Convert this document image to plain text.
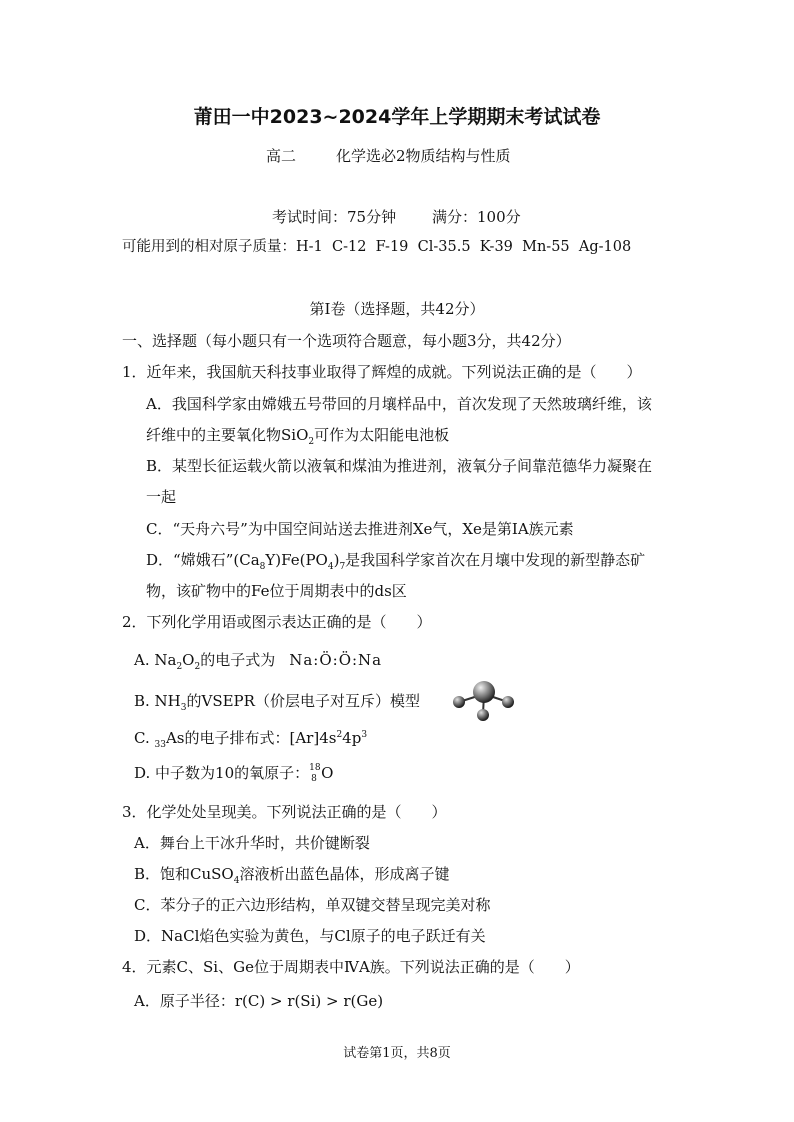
莆田一中2023~2024学年上学期期末考试试卷
高二	化学选必2物质结构与性质
考试时间：75分钟 满分：100分
可能用到的相对原子质量：H-1  C-12  F-19  Cl-35.5  K-39  Mn-55  Ag-108
第Ⅰ卷（选择题，共42分）
一、选择题（每小题只有一个选项符合题意，每小题3分，共42分）
1．近年来，我国航天科技事业取得了辉煌的成就。下列说法正确的是（　　）
A．我国科学家由嫦娥五号带回的月壤样品中，首次发现了天然玻璃纤维，该
纤维中的主要氧化物SiO$_2$可作为太阳能电池板
B．某型长征运载火箭以液氧和煤油为推进剂，液氧分子间靠范德华力凝聚在
一起
C．“天舟六号”为中国空间站送去推进剂Xe气，Xe是第ⅠA族元素
D．“嫦娥石$”(Ca_8Y)Fe(PO_4)_7$是我国科学家首次在月壤中发现的新型静态矿
物，该矿物中的Fe位于周期表中的ds区
2．下列化学用语或图示表达正确的是（　　）
A. $Na_2O_2$的电子式为 Na:Ö:Ö:Na
B. $NH_3$的VSEPR（价层电子对互斥）模型
C. $_{33}$As的电子排布式：$[Ar]4s^24p^3$
D. 中子数为10的氧原子： 18
8 O
3．化学处处呈现美。下列说法正确的是（　　）
A．舞台上干冰升华时，共价键断裂
B．饱和CuSO$_4$溶液析出蓝色晶体，形成离子键
C．苯分子的正六边形结构，单双键交替呈现完美对称
D．NaCl焰色实验为黄色，与Cl原子的电子跃迁有关
4．元素C、Si、Ge位于周期表中ⅣA族。下列说法正确的是（　　）
A．原子半径：r(C) > r(Si) > r(Ge)
试卷第1页，共8页
